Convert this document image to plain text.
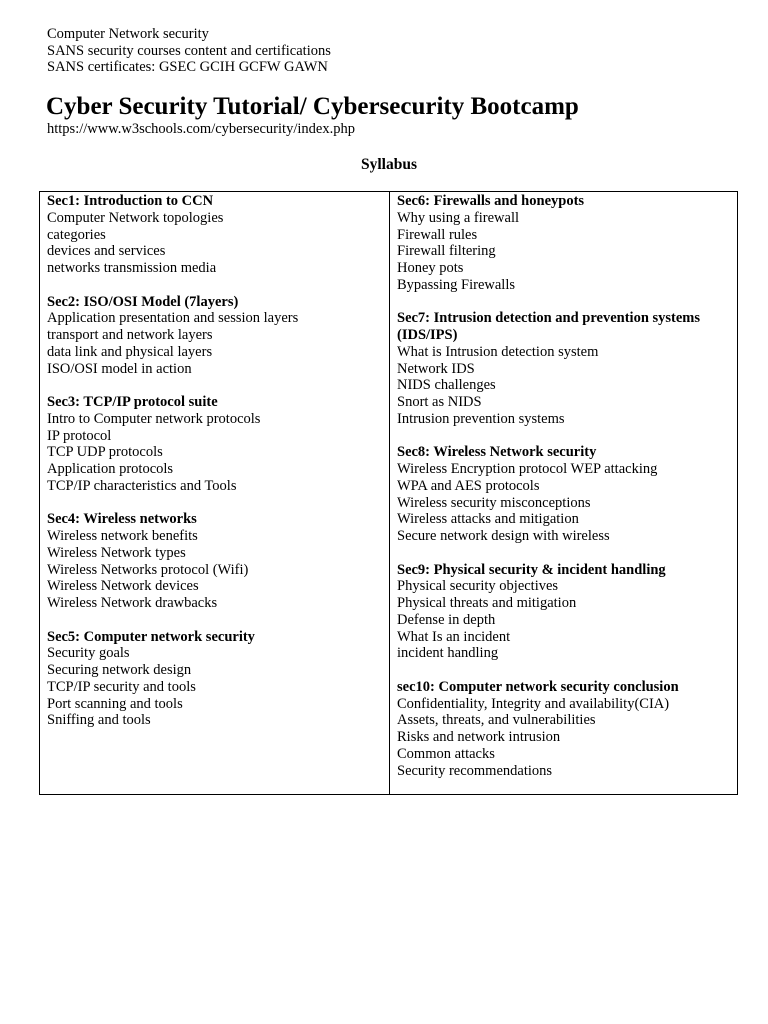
Computer Network security
SANS security courses content and certifications
SANS certificates: GSEC GCIH GCFW GAWN
Cyber Security Tutorial/ Cybersecurity Bootcamp
https://www.w3schools.com/cybersecurity/index.php
Syllabus
Sec1: Introduction to CCN
Computer Network topologies
categories
devices and services
networks transmission media
Sec2: ISO/OSI Model (7layers)
Application presentation and session layers
transport and network layers
data link and physical layers
ISO/OSI model in action
Sec3: TCP/IP protocol suite
Intro to Computer network protocols
IP protocol
TCP UDP protocols
Application protocols
TCP/IP characteristics and Tools
Sec4: Wireless networks
Wireless network benefits
Wireless Network types
Wireless Networks protocol (Wifi)
Wireless Network devices
Wireless Network drawbacks
Sec5: Computer network security
Security goals
Securing network design
TCP/IP security and tools
Port scanning and tools
Sniffing and tools
Sec6: Firewalls and honeypots
Why using a firewall
Firewall rules
Firewall filtering
Honey pots
Bypassing Firewalls
Sec7: Intrusion detection and prevention systems (IDS/IPS)
What is Intrusion detection system
Network IDS
NIDS challenges
Snort as NIDS
Intrusion prevention systems
Sec8: Wireless Network security
Wireless Encryption protocol WEP attacking
WPA and AES protocols
Wireless security misconceptions
Wireless attacks and mitigation
Secure network design with wireless
Sec9: Physical security & incident handling
Physical security objectives
Physical threats and mitigation
Defense in depth
What Is an incident
incident handling
sec10: Computer network security conclusion
Confidentiality, Integrity and availability(CIA)
Assets, threats, and vulnerabilities
Risks and network intrusion
Common attacks
Security recommendations
